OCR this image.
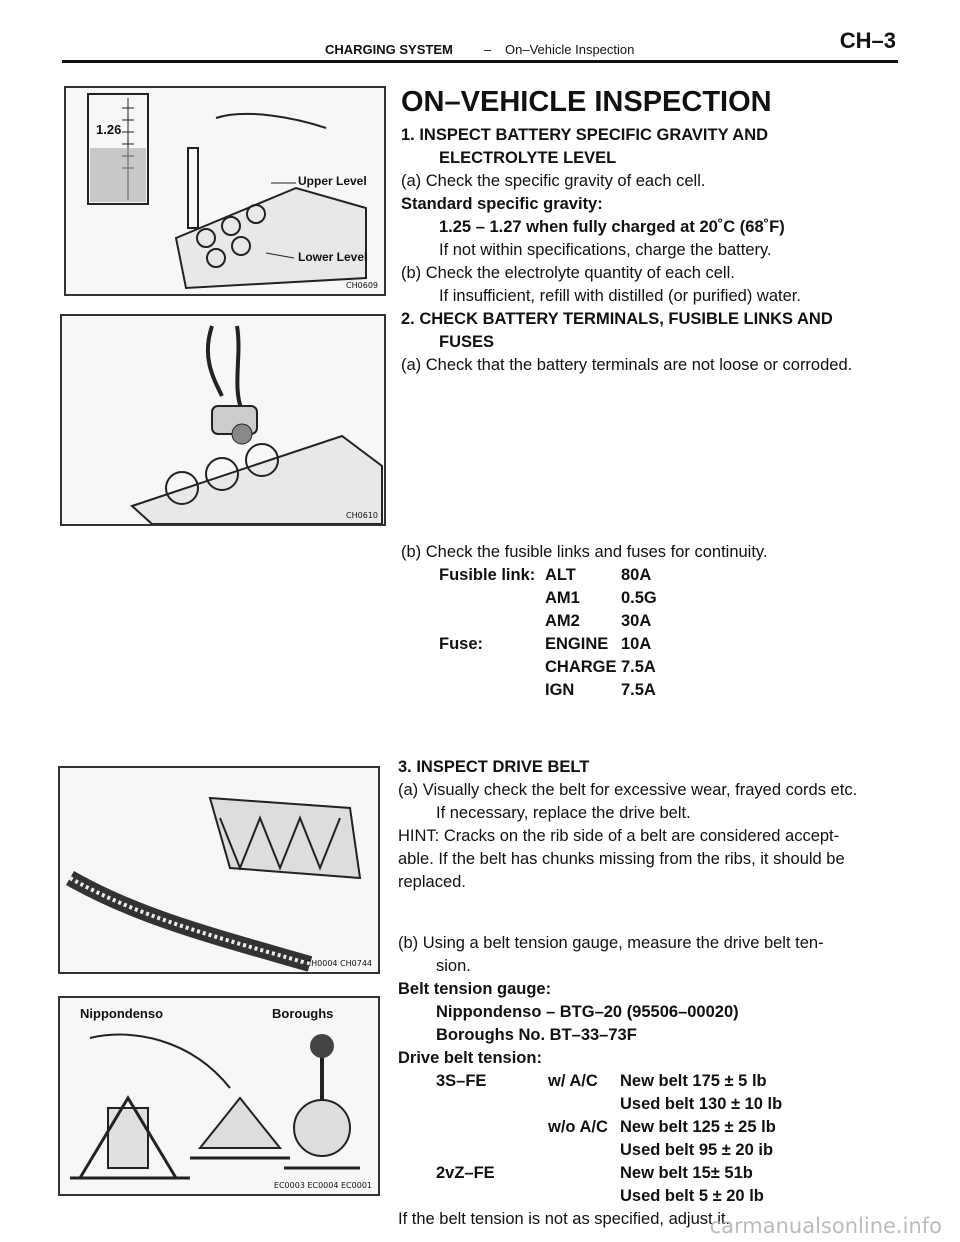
CHARGING SYSTEM – On–Vehicle Inspection	CH–3
1.26
Upper Level
Lower Level
CH0609
CH0610
CH0004 CH0744
Nippondenso	Boroughs
EC0003 EC0004 EC0001
ON–VEHICLE INSPECTION
1. INSPECT BATTERY SPECIFIC GRAVITY AND
ELECTROLYTE LEVEL
(a) Check the specific gravity of each cell.
Standard specific gravity:
1.25 – 1.27 when fully charged at 20˚C (68˚F)
If not within specifications, charge the battery.
(b) Check the electrolyte quantity of each cell.
If insufficient, refill with distilled (or purified) water.
2. CHECK BATTERY TERMINALS, FUSIBLE LINKS AND
FUSES
(a) Check that the battery terminals are not loose or corroded.
(b) Check the fusible links and fuses for continuity.
Fusible link: ALT	80A
AM1	0.5G
AM2	30A
Fuse:	ENGINE 10A
CHARGE 7.5A
IGN	7.5A
3. INSPECT DRIVE BELT
(a) Visually check the belt for excessive wear, frayed cords etc.
If necessary, replace the drive belt.
HINT: Cracks on the rib side of a belt are considered accept-
able. If the belt has chunks missing from the ribs, it should be
replaced.
(b) Using a belt tension gauge, measure the drive belt ten-
sion.
Belt tension gauge:
Nippondenso – BTG–20 (95506–00020)
Boroughs No. BT–33–73F
Drive belt tension:
3S–FE	w/ A/C	New belt 175 ± 5 lb
Used belt 130 ± 10 lb
w/o A/C New belt 125 ± 25 lb
Used belt 95 ± 20 ib
2vZ–FE	New belt 15± 51b
Used belt 5 ± 20 lb
If the belt tension is not as specified, adjust it.
carmanualsonline.info
